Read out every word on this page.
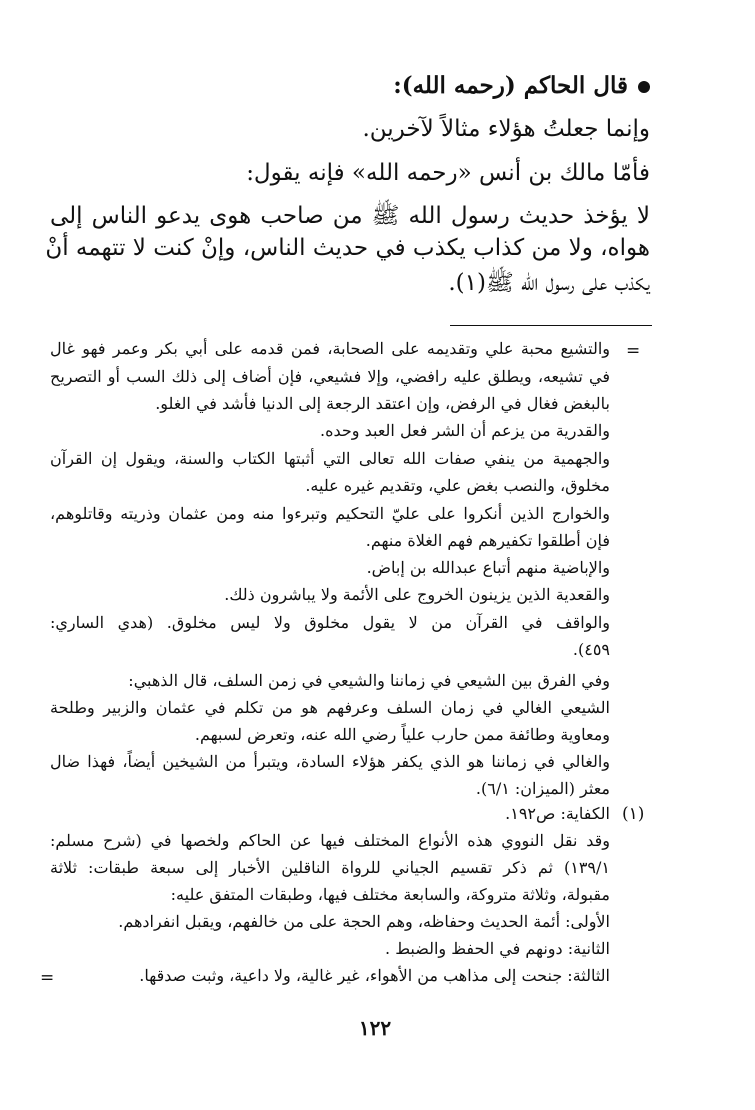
قال الحاكم (رحمه الله):
وإنما جعلتُ هؤلاء مثالاً لآخرين.
فأمّا مالك بن أنس «رحمه الله» فإنه يقول:
لا يؤخذ حديث رسول الله ﷺ من صاحب هوى يدعو الناس إلى
هواه، ولا من كذاب يكذب في حديث الناس، وإنْ كنت لا تتهمه أنْ
يكذب على رسول الله ﷺ(١).
=
والتشيع محبة علي وتقديمه على الصحابة، فمن قدمه على أبي بكر وعمر فهو غال
في تشيعه، ويطلق عليه رافضي، وإلا فشيعي، فإن أضاف إلى ذلك السب أو التصريح
بالبغض فغال في الرفض، وإن اعتقد الرجعة إلى الدنيا فأشد في الغلو.
والقدرية من يزعم أن الشر فعل العبد وحده.
والجهمية من ينفي صفات الله تعالى التي أثبتها الكتاب والسنة، ويقول إن القرآن
مخلوق، والنصب بغض علي، وتقديم غيره عليه.
والخوارج الذين أنكروا على عليّ التحكيم وتبرءوا منه ومن عثمان وذريته وقاتلوهم،
فإن أطلقوا تكفيرهم فهم الغلاة منهم.
والإباضية منهم أتباع عبدالله بن إباض.
والقعدية الذين يزينون الخروج على الأئمة ولا يباشرون ذلك.
والواقف في القرآن من لا يقول مخلوق ولا ليس مخلوق. (هدي الساري:
٤٥٩).
وفي الفرق بين الشيعي في زماننا والشيعي في زمن السلف، قال الذهبي:
الشيعي الغالي في زمان السلف وعرفهم هو من تكلم في عثمان والزبير وطلحة
ومعاوية وطائفة ممن حارب علياً رضي الله عنه، وتعرض لسبهم.
والغالي في زماننا هو الذي يكفر هؤلاء السادة، ويتبرأ من الشيخين أيضاً، فهذا ضال
معثر (الميزان: ٦/١).
(١)
الكفاية: ص١٩٢.
وقد نقل النووي هذه الأنواع المختلف فيها عن الحاكم ولخصها في (شرح مسلم:
١٣٩/١) ثم ذكر تقسيم الجياني للرواة الناقلين الأخبار إلى سبعة طبقات: ثلاثة
مقبولة، وثلاثة متروكة، والسابعة مختلف فيها، وطبقات المتفق عليه:
الأولى: أئمة الحديث وحفاظه، وهم الحجة على من خالفهم، ويقبل انفرادهم.
الثانية: دونهم في الحفظ والضبط .
الثالثة: جنحت إلى مذاهب من الأهواء، غير غالية، ولا داعية، وثبت صدقها.
=
١٢٢
